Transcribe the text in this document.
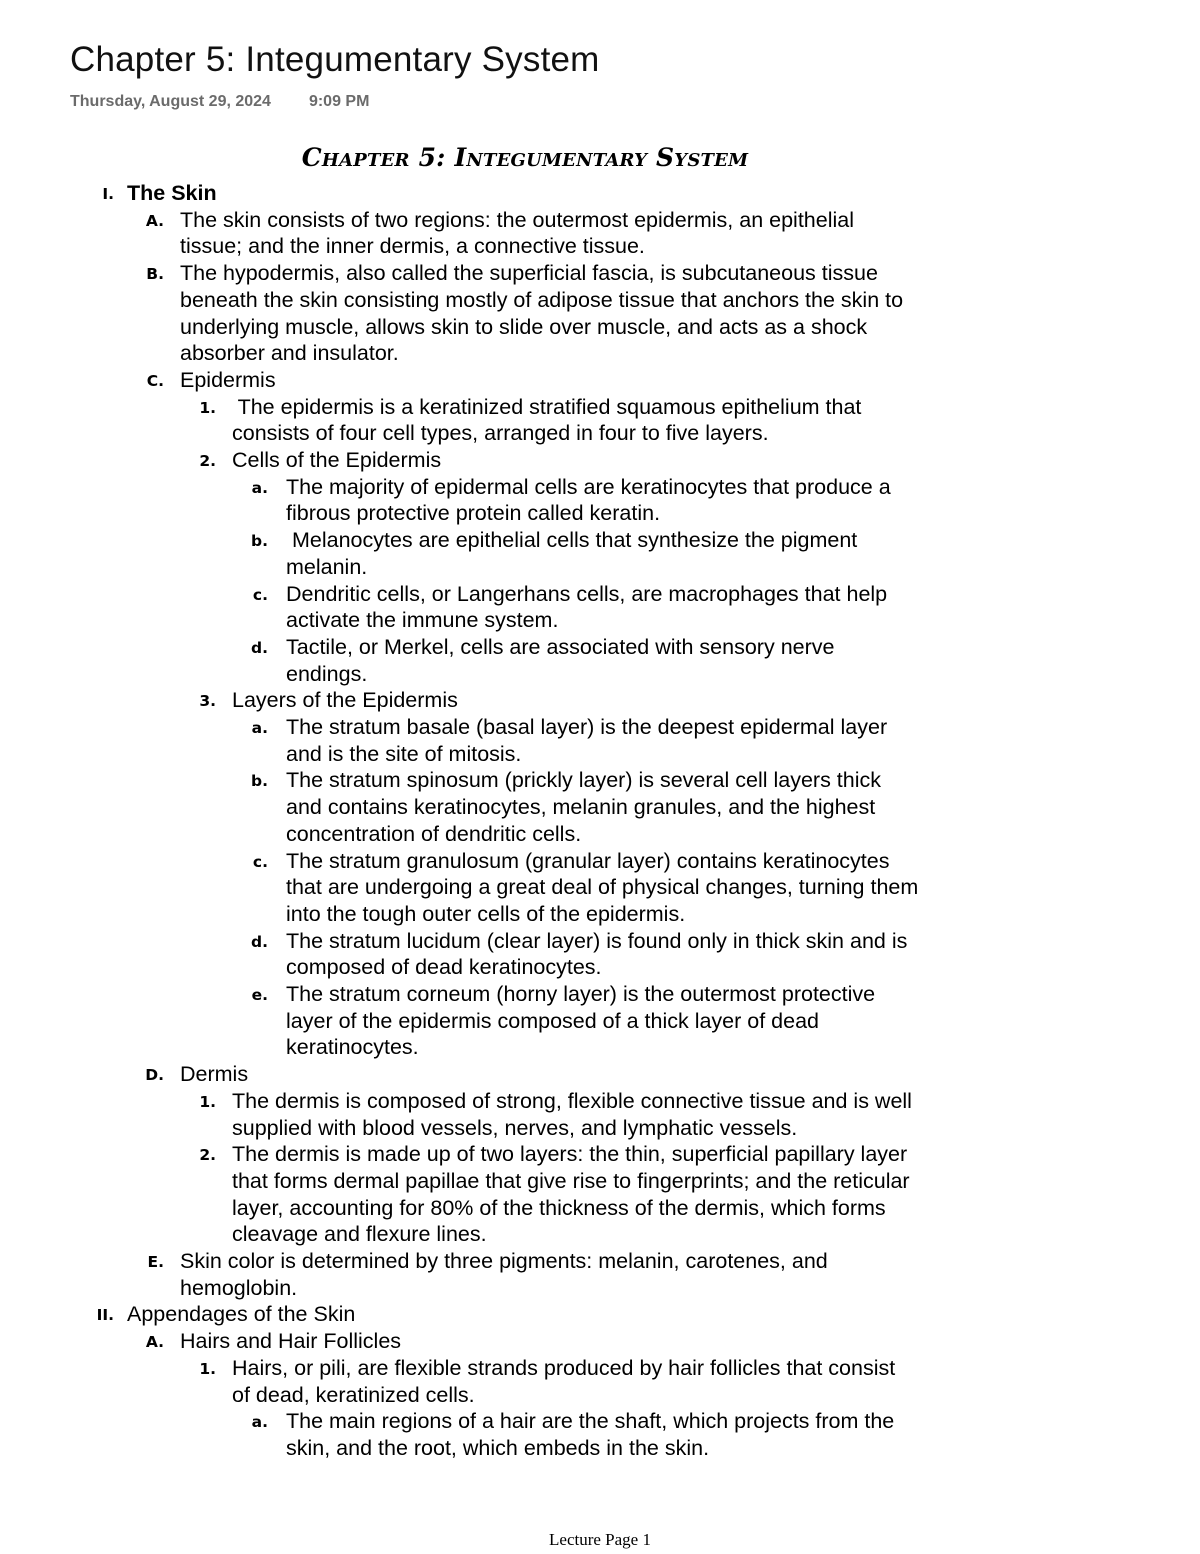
Chapter 5: Integumentary System
Thursday, August 29, 2024 9:09 PM
Chapter 5: Integumentary System
I. The Skin
A. The skin consists of two regions: the outermost epidermis, an epithelial
tissue; and the inner dermis, a connective tissue.
B. The hypodermis, also called the superficial fascia, is subcutaneous tissue
beneath the skin consisting mostly of adipose tissue that anchors the skin to
underlying muscle, allows skin to slide over muscle, and acts as a shock
absorber and insulator.
C. Epidermis
1. The epidermis is a keratinized stratified squamous epithelium that
consists of four cell types, arranged in four to five layers.
2. Cells of the Epidermis
a. The majority of epidermal cells are keratinocytes that produce a
fibrous protective protein called keratin.
b. Melanocytes are epithelial cells that synthesize the pigment
melanin.
c. Dendritic cells, or Langerhans cells, are macrophages that help
activate the immune system.
d. Tactile, or Merkel, cells are associated with sensory nerve
endings.
3. Layers of the Epidermis
a. The stratum basale (basal layer) is the deepest epidermal layer
and is the site of mitosis.
b. The stratum spinosum (prickly layer) is several cell layers thick
and contains keratinocytes, melanin granules, and the highest
concentration of dendritic cells.
c. The stratum granulosum (granular layer) contains keratinocytes
that are undergoing a great deal of physical changes, turning them
into the tough outer cells of the epidermis.
d. The stratum lucidum (clear layer) is found only in thick skin and is
composed of dead keratinocytes.
e. The stratum corneum (horny layer) is the outermost protective
layer of the epidermis composed of a thick layer of dead
keratinocytes.
D. Dermis
1. The dermis is composed of strong, flexible connective tissue and is well
supplied with blood vessels, nerves, and lymphatic vessels.
2. The dermis is made up of two layers: the thin, superficial papillary layer
that forms dermal papillae that give rise to fingerprints; and the reticular
layer, accounting for 80% of the thickness of the dermis, which forms
cleavage and flexure lines.
E. Skin color is determined by three pigments: melanin, carotenes, and
hemoglobin.
II. Appendages of the Skin
A. Hairs and Hair Follicles
1. Hairs, or pili, are flexible strands produced by hair follicles that consist
of dead, keratinized cells.
a. The main regions of a hair are the shaft, which projects from the
skin, and the root, which embeds in the skin.
Lecture Page 1
